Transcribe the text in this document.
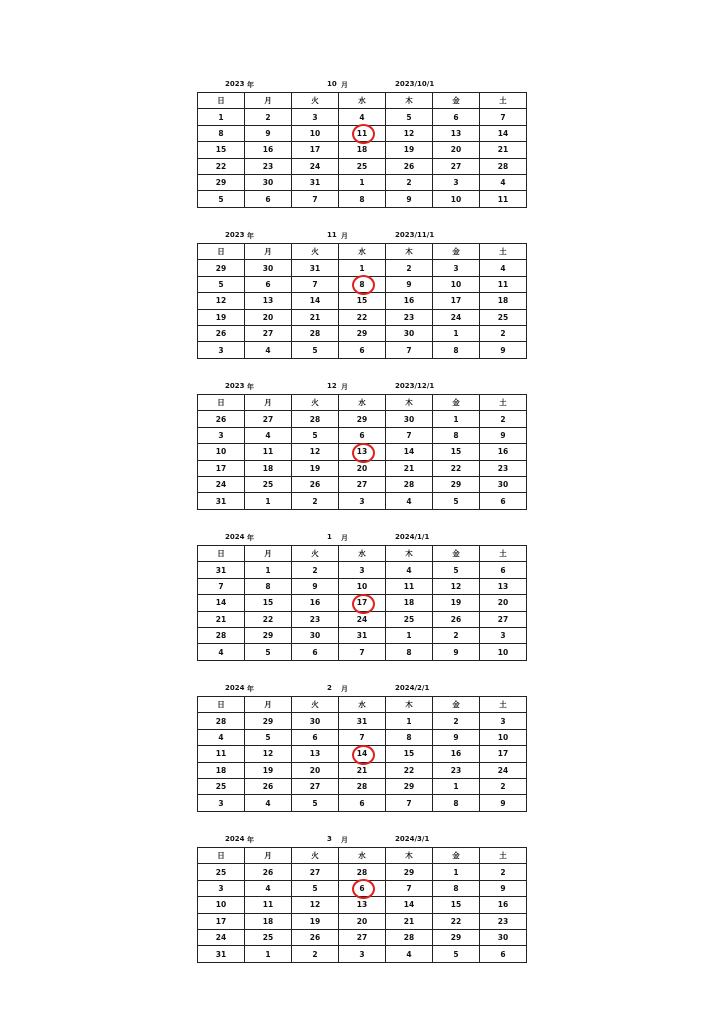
2023 年	10 月	2023/10/1
日	月	火	水	木	金	土
1	2	3	4	5	6	7
8	9	10	11	12	13	14
15	16	17	18	19	20	21
22	23	24	25	26	27	28
29	30	31	1	2	3	4
5	6	7	8	9	10	11
2023 年	11 月	2023/11/1
日	月	火	水	木	金	土
29	30	31	1	2	3	4
5	6	7	8	9	10	11
12	13	14	15	16	17	18
19	20	21	22	23	24	25
26	27	28	29	30	1	2
3	4	5	6	7	8	9
2023 年	12 月	2023/12/1
日	月	火	水	木	金	土
26	27	28	29	30	1	2
3	4	5	6	7	8	9
10	11	12	13	14	15	16
17	18	19	20	21	22	23
24	25	26	27	28	29	30
31	1	2	3	4	5	6
2024 年	1 月	2024/1/1
日	月	火	水	木	金	土
31	1	2	3	4	5	6
7	8	9	10	11	12	13
14	15	16	17	18	19	20
21	22	23	24	25	26	27
28	29	30	31	1	2	3
4	5	6	7	8	9	10
2024 年	2 月	2024/2/1
日	月	火	水	木	金	土
28	29	30	31	1	2	3
4	5	6	7	8	9	10
11	12	13	14	15	16	17
18	19	20	21	22	23	24
25	26	27	28	29	1	2
3	4	5	6	7	8	9
2024 年	3 月	2024/3/1
日	月	火	水	木	金	土
25	26	27	28	29	1	2
3	4	5	6	7	8	9
10	11	12	13	14	15	16
17	18	19	20	21	22	23
24	25	26	27	28	29	30
31	1	2	3	4	5	6
